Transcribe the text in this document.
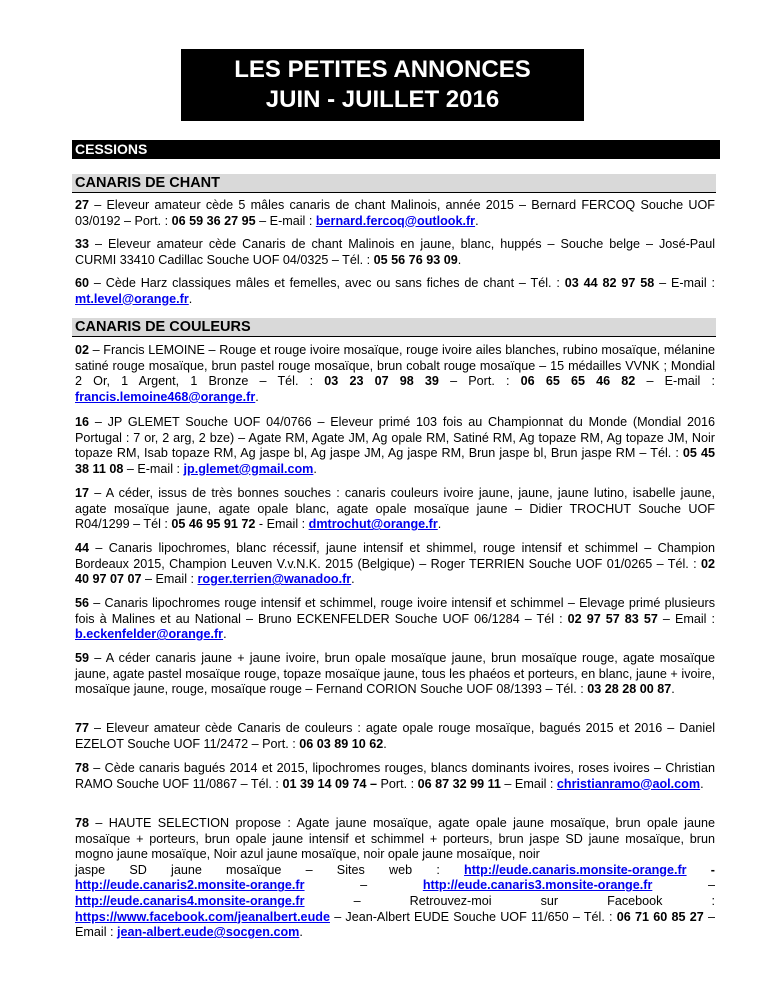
LES PETITES ANNONCES
JUIN - JUILLET 2016
CESSIONS
CANARIS DE CHANT

27 – Eleveur amateur cède 5 mâles canaris de chant Malinois, année 2015 – Bernard FERCOQ Souche UOF 03/0192 – Port. : 06 59 36 27 95 – E-mail : bernard.fercoq@outlook.fr.

33 – Eleveur amateur cède Canaris de chant Malinois en jaune, blanc, huppés – Souche belge – José-Paul CURMI 33410 Cadillac Souche UOF 04/0325 – Tél. : 05 56 76 93 09.

60 – Cède Harz classiques mâles et femelles, avec ou sans fiches de chant – Tél. : 03 44 82 97 58 – E-mail : mt.level@orange.fr.

CANARIS DE COULEURS

02 – Francis LEMOINE – Rouge et rouge ivoire mosaïque, rouge ivoire ailes blanches, rubino mosaïque, mélanine satiné rouge mosaïque, brun pastel rouge mosaïque, brun cobalt rouge mosaïque – 15 médailles VVNK ; Mondial 2 Or, 1 Argent, 1 Bronze – Tél. : 03 23 07 98 39 – Port. : 06 65 65 46 82 – E-mail : francis.lemoine468@orange.fr.

16 – JP GLEMET Souche UOF 04/0766 – Eleveur primé 103 fois au Championnat du Monde (Mondial 2016 Portugal : 7 or, 2 arg, 2 bze) – Agate RM, Agate JM, Ag opale RM, Satiné RM, Ag topaze RM, Ag topaze JM, Noir topaze RM, Isab topaze RM, Ag jaspe bl, Ag jaspe JM, Ag jaspe RM, Brun jaspe bl, Brun jaspe RM – Tél. : 05 45 38 11 08 – E-mail : jp.glemet@gmail.com.

17 – A céder, issus de très bonnes souches : canaris couleurs ivoire jaune, jaune, jaune lutino, isabelle jaune, agate mosaïque jaune, agate opale blanc, agate opale mosaïque jaune – Didier TROCHUT Souche UOF R04/1299 – Tél : 05 46 95 91 72 - Email : dmtrochut@orange.fr.

44 – Canaris lipochromes, blanc récessif, jaune intensif et shimmel, rouge intensif et schimmel – Champion Bordeaux 2015, Champion Leuven V.v.N.K. 2015 (Belgique) – Roger TERRIEN Souche UOF 01/0265 – Tél. : 02 40 97 07 07 – Email : roger.terrien@wanadoo.fr.

56 – Canaris lipochromes rouge intensif et schimmel, rouge ivoire intensif et schimmel – Elevage primé plusieurs fois à Malines et au National – Bruno ECKENFELDER Souche UOF 06/1284 – Tél : 02 97 57 83 57 – Email : b.eckenfelder@orange.fr.

59 – A céder canaris jaune + jaune ivoire, brun opale mosaïque jaune, brun mosaïque rouge, agate mosaïque jaune, agate pastel mosaïque rouge, topaze mosaïque jaune, tous les phaéos et porteurs, en blanc, jaune + ivoire, mosaïque jaune, rouge, mosaïque rouge – Fernand CORION Souche UOF 08/1393 – Tél. : 03 28 28 00 87.

77 – Eleveur amateur cède Canaris de couleurs : agate opale rouge mosaïque, bagués 2015 et 2016 – Daniel EZELOT Souche UOF 11/2472 – Port. : 06 03 89 10 62.

78 – Cède canaris bagués 2014 et 2015, lipochromes rouges, blancs dominants ivoires, roses ivoires – Christian RAMO Souche UOF 11/0867 – Tél. : 01 39 14 09 74 – Port. : 06 87 32 99 11 – Email : christianramo@aol.com.

78 – HAUTE SELECTION propose : Agate jaune mosaïque, agate opale jaune mosaïque, brun opale jaune mosaïque + porteurs, brun opale jaune intensif et schimmel + porteurs, brun jaspe SD jaune mosaïque, brun mogno jaune mosaïque, Noir azul jaune mosaïque, noir opale jaune mosaïque, noir
jaspe SD jaune mosaïque – Sites web : http://eude.canaris.monsite-orange.fr -
http://eude.canaris2.monsite-orange.fr – http://eude.canaris3.monsite-orange.fr –
http://eude.canaris4.monsite-orange.fr – Retrouvez-moi sur Facebook :
https://www.facebook.com/jeanalbert.eude – Jean-Albert EUDE Souche UOF 11/650 – Tél. : 06 71 60 85 27 – Email : jean-albert.eude@socgen.com.
